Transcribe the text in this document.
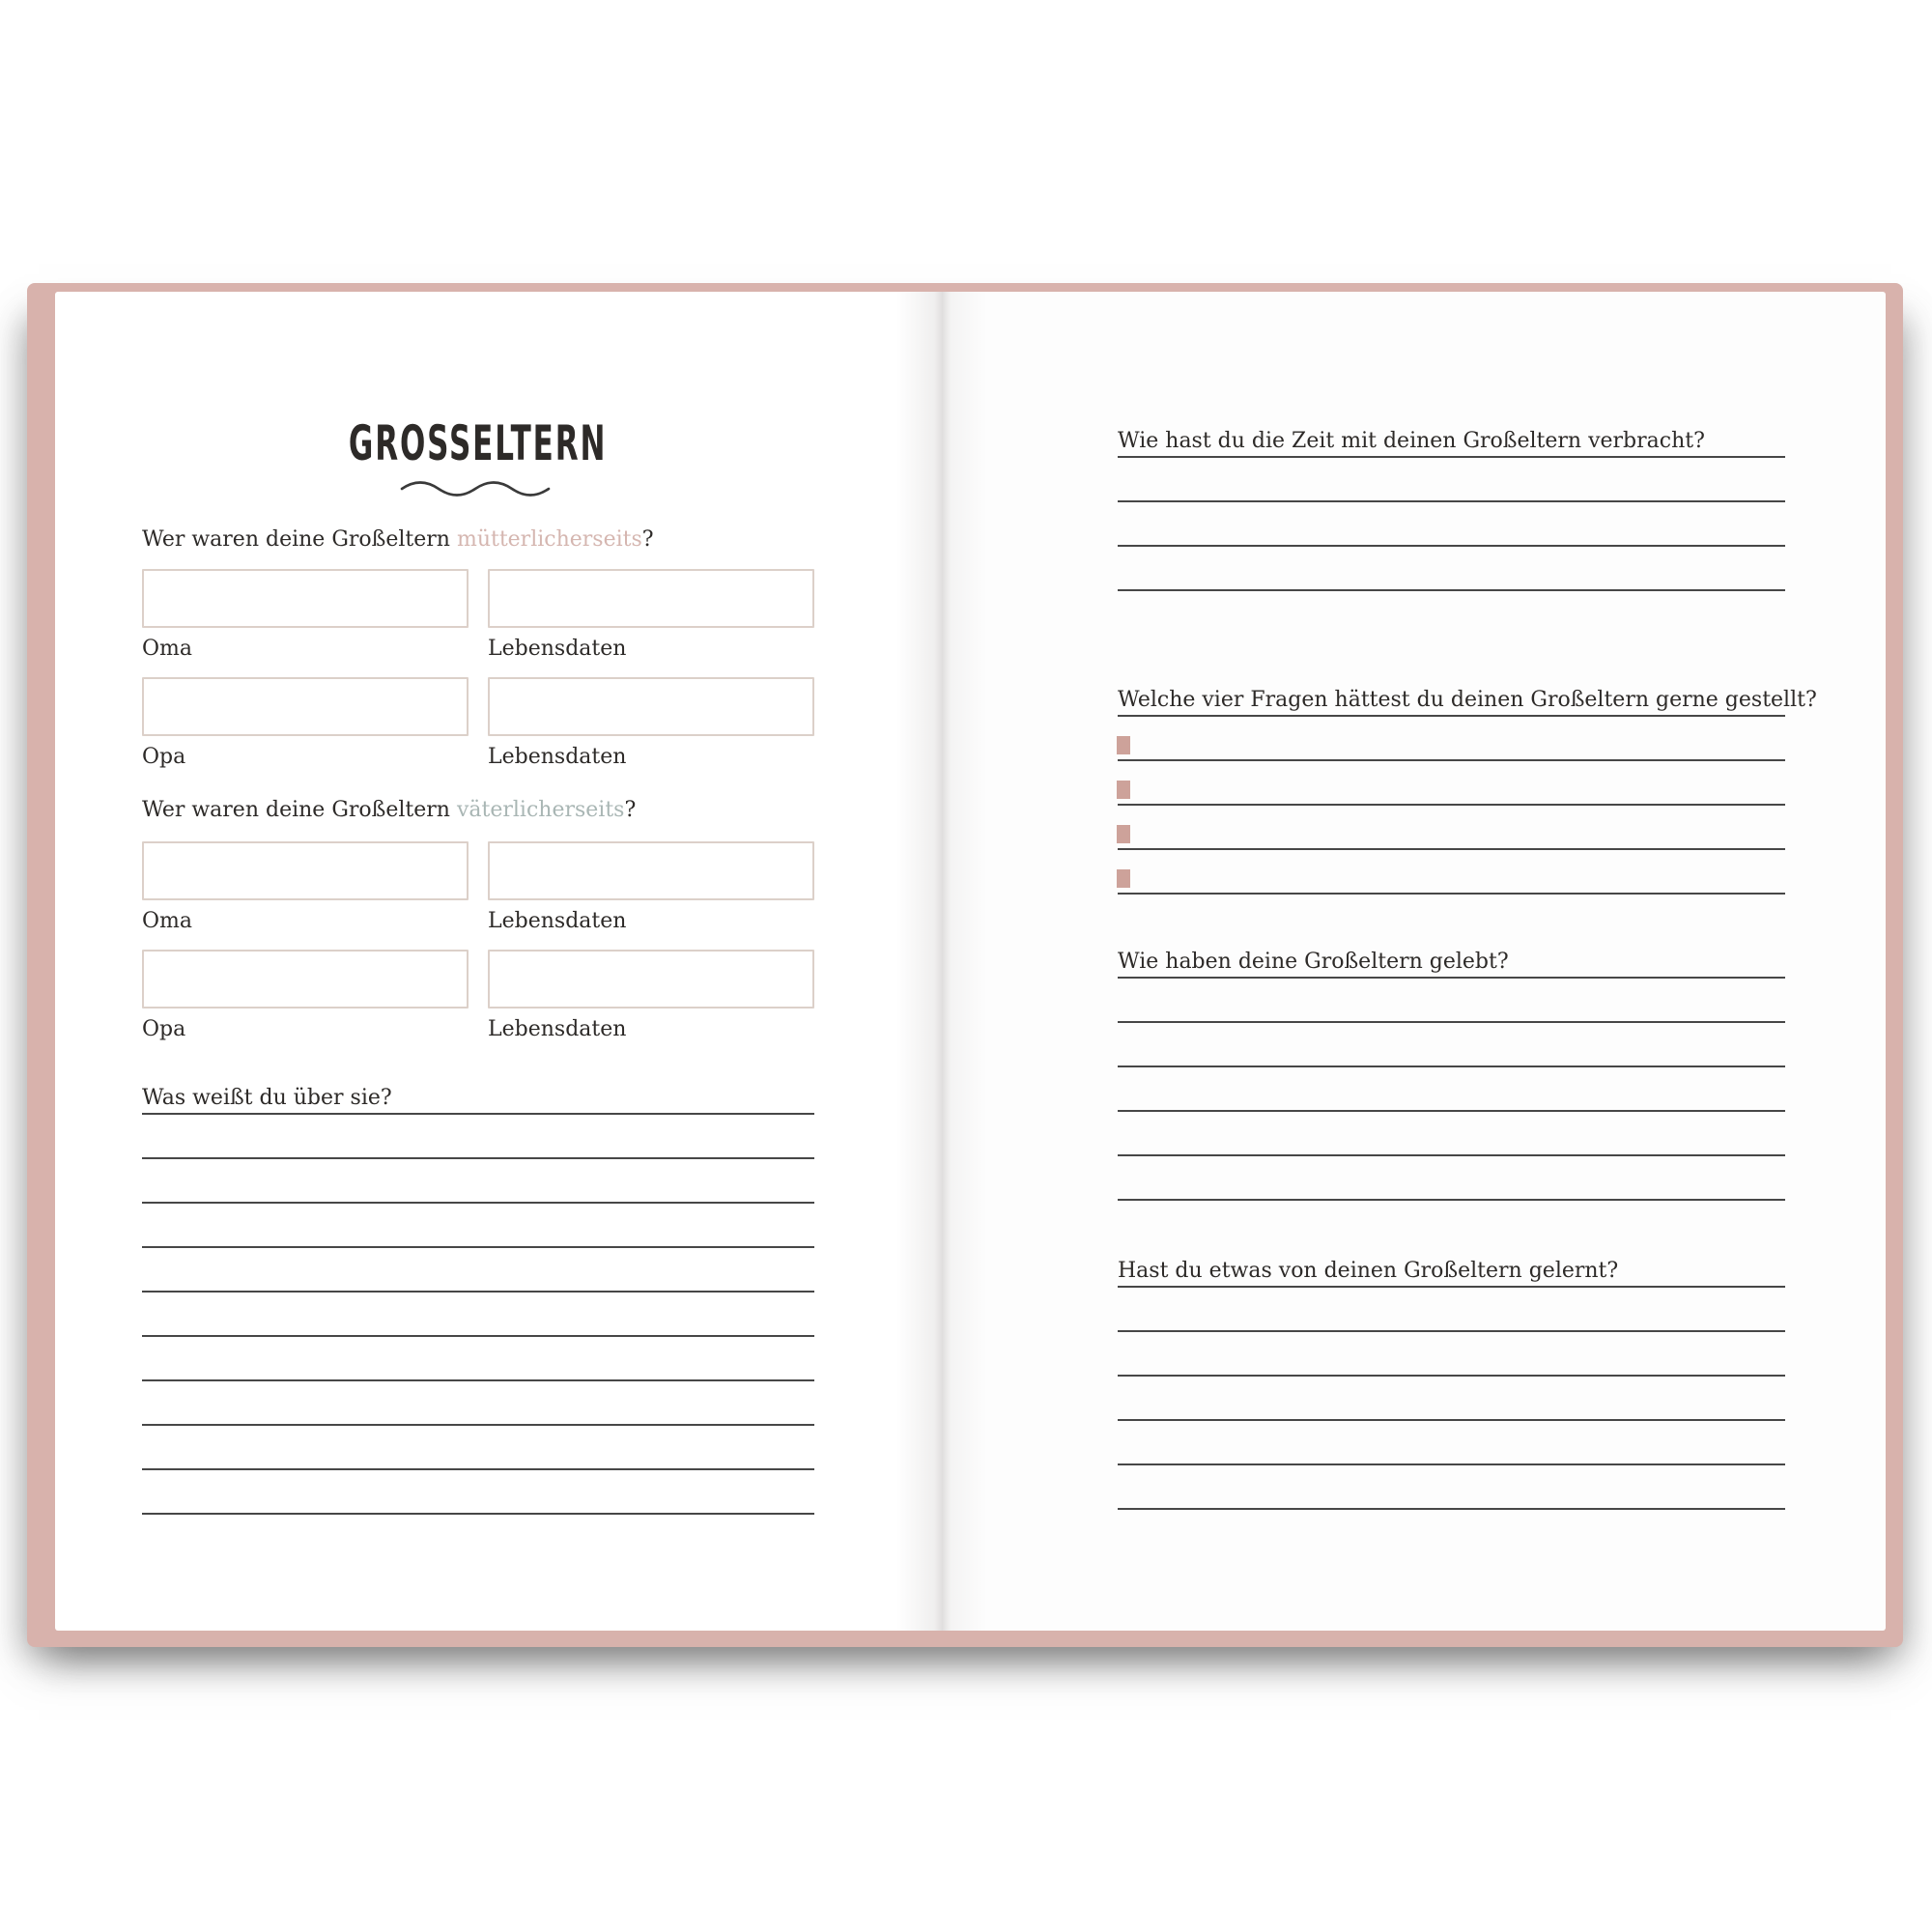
GROSSELTERN
Wer waren deine Großeltern mütterlicherseits?
Oma	Lebensdaten
Opa	Lebensdaten
Wer waren deine Großeltern väterlicherseits?
Oma	Lebensdaten
Opa	Lebensdaten
Was weißt du über sie?
Wie hast du die Zeit mit deinen Großeltern verbracht?
Welche vier Fragen hättest du deinen Großeltern gerne gestellt?
Wie haben deine Großeltern gelebt?
Hast du etwas von deinen Großeltern gelernt?
